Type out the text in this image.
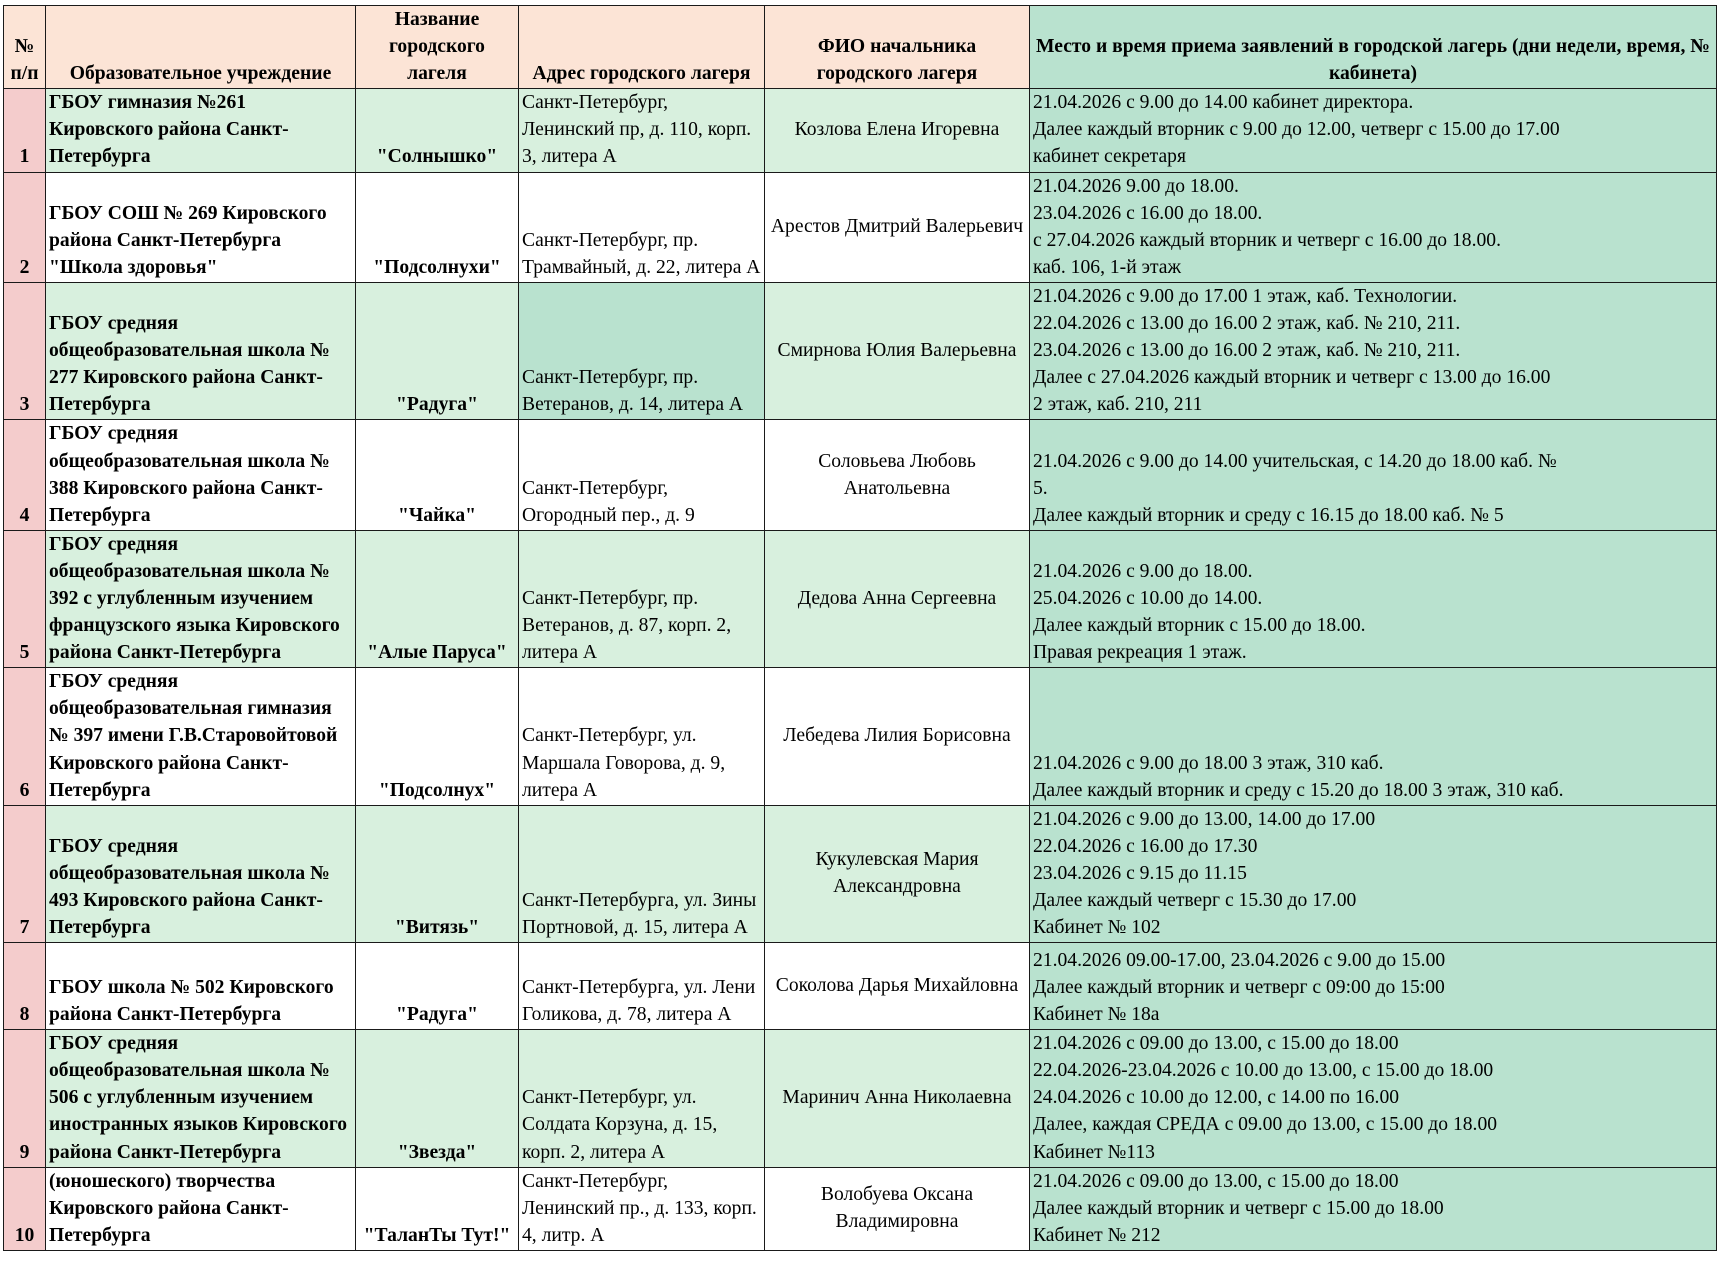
№ п/п	Образовательное учреждение	Название городского лагеля	Адрес городского лагеря	ФИО начальника городского лагеря	Место и время приема заявлений в городской лагерь (дни недели, время, № кабинета)
1	ГБОУ гимназия №261 Кировского района Санкт-Петербурга	"Солнышко"	Санкт-Петербург, Ленинский пр, д. 110, корп. 3, литера А	Козлова Елена Игоревна	21.04.2026 с 9.00 до 14.00 кабинет директора.
Далее каждый вторник с 9.00 до 12.00, четверг с 15.00 до 17.00
кабинет секретаря

2	ГБОУ СОШ № 269 Кировского района Санкт-Петербурга "Школа здоровья"	"Подсолнухи"	Санкт-Петербург, пр. Трамвайный, д. 22, литера А	Арестов Дмитрий Валерьевич	21.04.2026 9.00 до 18.00.
23.04.2026 с 16.00 до 18.00.
с 27.04.2026 каждый вторник и четверг с 16.00 до 18.00.
каб. 106, 1-й этаж

3	ГБОУ средняя общеобразовательная школа № 277 Кировского района Санкт-Петербурга	"Радуга"	Санкт-Петербург, пр. Ветеранов, д. 14, литера А	Смирнова Юлия Валерьевна	21.04.2026 с 9.00 до 17.00 1 этаж, каб. Технологии.
22.04.2026 с 13.00 до 16.00 2 этаж, каб. № 210, 211.
23.04.2026 с 13.00 до 16.00 2 этаж, каб. № 210, 211.
Далее с 27.04.2026 каждый вторник и четверг с 13.00 до 16.00
2 этаж, каб. 210, 211

4	ГБОУ средняя общеобразовательная школа № 388 Кировского района Санкт-Петербурга	"Чайка"	Санкт-Петербург, Огородный пер., д. 9	Соловьева Любовь Анатольевна	21.04.2026 с 9.00 до 14.00 учительская, с 14.20 до 18.00 каб. №
5.
Далее каждый вторник и среду с 16.15 до 18.00 каб. № 5

5	ГБОУ средняя общеобразовательная школа № 392 с углубленным изучением французского языка Кировского района Санкт-Петербурга	"Алые Паруса"	Санкт-Петербург, пр. Ветеранов, д. 87, корп. 2, литера А	Дедова Анна Сергеевна	21.04.2026 с 9.00 до 18.00.
25.04.2026 с 10.00 до 14.00.
Далее каждый вторник с 15.00 до 18.00.
Правая рекреация 1 этаж.

6	ГБОУ средняя общеобразовательная гимназия № 397 имени Г.В.Старовойтовой Кировского района Санкт-Петербурга	"Подсолнух"	Санкт-Петербург, ул. Маршала Говорова, д. 9, литера А	Лебедева Лилия Борисовна	21.04.2026 с 9.00 до 18.00 3 этаж, 310 каб.
Далее каждый вторник и среду с 15.20 до 18.00 3 этаж, 310 каб.

7	ГБОУ средняя общеобразовательная школа № 493 Кировского района Санкт-Петербурга	"Витязь"	Санкт-Петербурга, ул. Зины Портновой, д. 15, литера А	Кукулевская Мария Александровна	21.04.2026 с 9.00 до 13.00, 14.00 до 17.00
22.04.2026 с 16.00 до 17.30
23.04.2026 с 9.15 до 11.15
Далее каждый четверг с 15.30 до 17.00
Кабинет № 102

8	ГБОУ школа № 502 Кировского района Санкт-Петербурга	"Радуга"	Санкт-Петербурга, ул. Лени Голикова, д. 78, литера А	Соколова Дарья Михайловна	21.04.2026 09.00-17.00, 23.04.2026 с 9.00 до 15.00
Далее каждый вторник и четверг с 09:00 до 15:00
Кабинет № 18а

9	ГБОУ средняя общеобразовательная школа № 506 с углубленным изучением иностранных языков Кировского района Санкт-Петербурга	"Звезда"	Санкт-Петербург, ул. Солдата Корзуна, д. 15, корп. 2, литера А	Маринич Анна Николаевна	21.04.2026 с 09.00 до 13.00, с 15.00 до 18.00
22.04.2026-23.04.2026 с 10.00 до 13.00, с 15.00 до 18.00
24.04.2026 с 10.00 до 12.00, с 14.00 по 16.00
Далее, каждая СРЕДА с 09.00 до 13.00, с 15.00 до 18.00
Кабинет №113

10	(юношеского) творчества Кировского района Санкт-Петербурга	"ТаланТы Тут!"	Санкт-Петербург, Ленинский пр., д. 133, корп. 4, литр. А	Волобуева Оксана Владимировна	21.04.2026 с 09.00 до 13.00, с 15.00 до 18.00
Далее каждый вторник и четверг с 15.00 до 18.00
Кабинет № 212
